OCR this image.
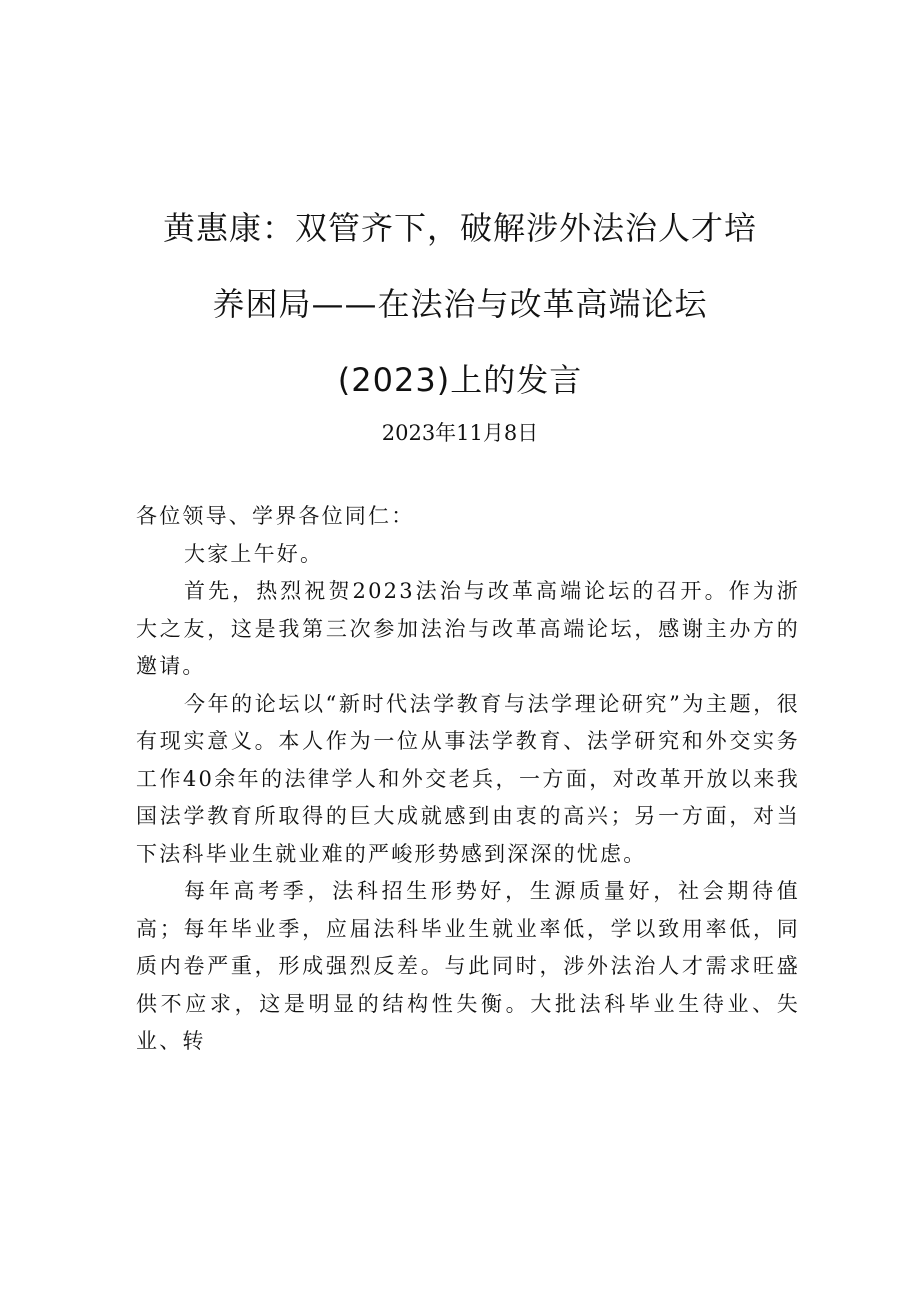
黄惠康：双管齐下，破解涉外法治人才培
养困局——在法治与改革高端论坛
(2023)上的发言

2023年11月8日

各位领导、学界各位同仁：

大家上午好。

首先，热烈祝贺2023法治与改革高端论坛的召开。作为浙大之友，这是我第三次参加法治与改革高端论坛，感谢主办方的邀请。

今年的论坛以“新时代法学教育与法学理论研究”为主题，很有现实意义。本人作为一位从事法学教育、法学研究和外交实务工作40余年的法律学人和外交老兵，一方面，对改革开放以来我国法学教育所取得的巨大成就感到由衷的高兴；另一方面，对当下法科毕业生就业难的严峻形势感到深深的忧虑。

每年高考季，法科招生形势好，生源质量好，社会期待值高；每年毕业季，应届法科毕业生就业率低，学以致用率低，同质内卷严重，形成强烈反差。与此同时，涉外法治人才需求旺盛供不应求，这是明显的结构性失衡。大批法科毕业生待业、失业、转
